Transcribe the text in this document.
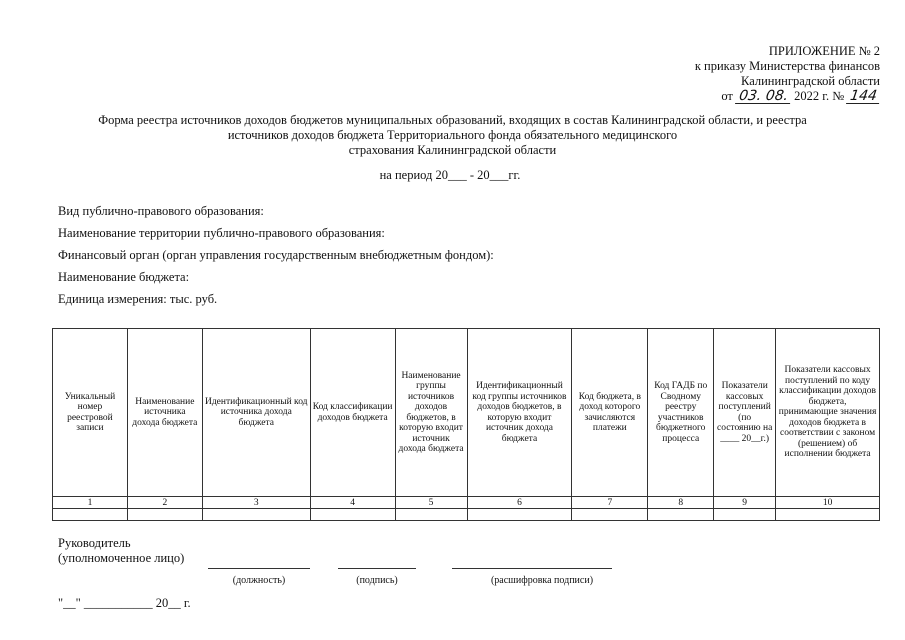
ПРИЛОЖЕНИЕ № 2
к приказу Министерства финансов
Калининградской области
от 03. 08. 2022 г. № 144
Форма реестра источников доходов бюджетов муниципальных образований, входящих в состав Калининградской области, и реестра
источников доходов бюджета Территориального фонда обязательного медицинского
страхования Калининградской области
на период 20___ - 20___гг.
Вид публично-правового образования:
Наименование территории публично-правового образования:
Финансовый орган (орган управления государственным внебюджетным фондом):
Наименование бюджета:
Единица измерения: тыс. руб.
Уникальный номер реестровой записи	Наименование источника дохода бюджета	Идентификационный код источника дохода бюджета	Код классификации доходов бюджета	Наименование группы источников доходов бюджетов, в которую входит источник дохода бюджета	Идентификационный код группы источников доходов бюджетов, в которую входит источник дохода бюджета	Код бюджета, в доход которого зачисляются платежи	Код ГАДБ по Сводному реестру участников бюджетного процесса	Показатели кассовых поступлений (по состоянию на ____ 20__г.)	Показатели кассовых поступлений по коду классификации доходов бюджета, принимающие значения доходов бюджета в соответствии с законом (решением) об исполнении бюджета
1	2	3	4	5	6	7	8	9	10

Руководитель
(уполномоченное лицо)
(должность)	(подпись)	(расшифровка подписи)
"__" ___________ 20__ г.
